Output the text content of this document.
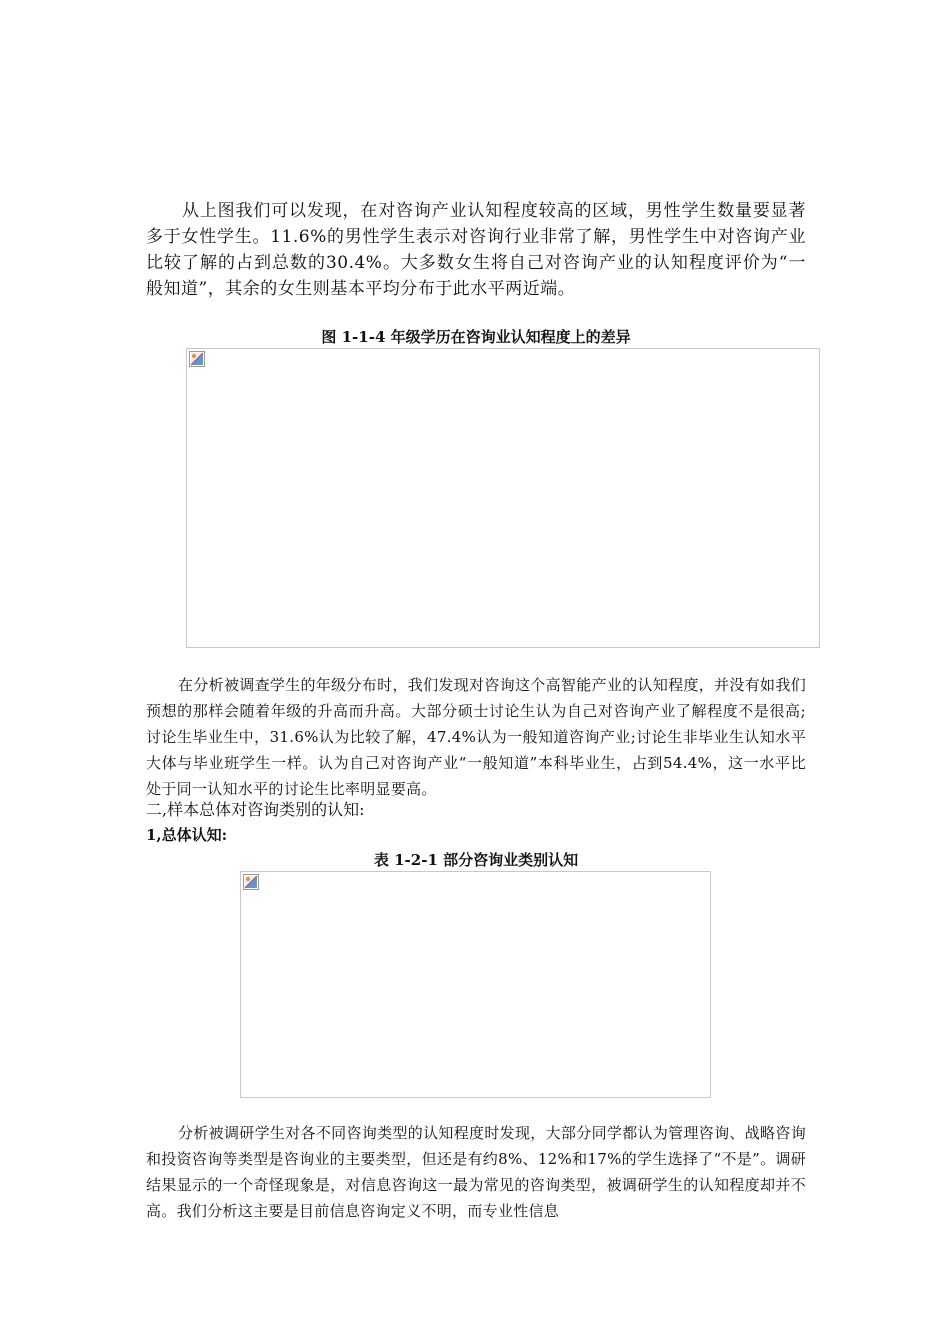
从上图我们可以发现，在对咨询产业认知程度较高的区域，男性学生数量要显著多于女性学生。11.6%的男性学生表示对咨询行业非常了解，男性学生中对咨询产业比较了解的占到总数的30.4%。大多数女生将自己对咨询产业的认知程度评价为“一般知道”，其余的女生则基本平均分布于此水平两近端。

图 1-1-4 年级学历在咨询业认知程度上的差异

在分析被调查学生的年级分布时，我们发现对咨询这个高智能产业的认知程度，并没有如我们预想的那样会随着年级的升高而升高。大部分硕士讨论生认为自己对咨询产业了解程度不是很高;讨论生毕业生中，31.6%认为比较了解，47.4%认为一般知道咨询产业;讨论生非毕业生认知水平大体与毕业班学生一样。认为自己对咨询产业“一般知道”本科毕业生，占到54.4%，这一水平比处于同一认知水平的讨论生比率明显要高。

二,样本总体对咨询类别的认知:

1,总体认知:

表 1-2-1 部分咨询业类别认知

分析被调研学生对各不同咨询类型的认知程度时发现，大部分同学都认为管理咨询、战略咨询和投资咨询等类型是咨询业的主要类型，但还是有约8%、12%和17%的学生选择了“不是”。调研结果显示的一个奇怪现象是，对信息咨询这一最为常见的咨询类型，被调研学生的认知程度却并不高。我们分析这主要是目前信息咨询定义不明，而专业性信息
